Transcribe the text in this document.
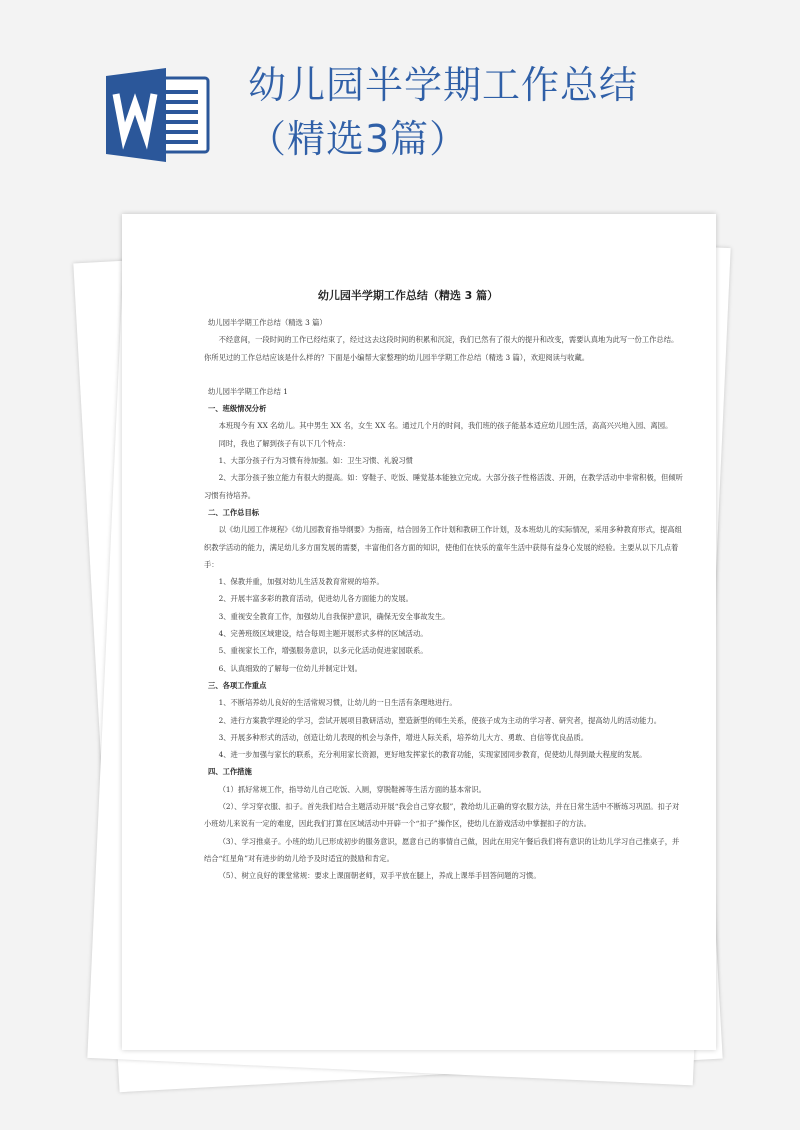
幼儿园半学期工作总结
（精选3篇）
幼儿园半学期工作总结（精选 3 篇）

幼儿园半学期工作总结（精选 3 篇）

不经意间，一段时间的工作已经结束了，经过这去这段时间的积累和沉淀，我们已然有了很大的提升和改变，需要认真地为此写一份工作总结。你所见过的工作总结应该是什么样的？下面是小编帮大家整理的幼儿园半学期工作总结（精选 3 篇），欢迎阅读与收藏。

幼儿园半学期工作总结 1

一、班级情况分析

本班现今有 XX 名幼儿。其中男生 XX 名，女生 XX 名。通过几个月的时间，我们班的孩子能基本适应幼儿园生活，高高兴兴地入园、离园。

同时，我也了解到孩子有以下几个特点：

1、大部分孩子行为习惯有待加强。如：卫生习惯、礼貌习惯

2、大部分孩子独立能力有很大的提高。如：穿鞋子、吃饭、睡觉基本能独立完成。大部分孩子性格活泼、开朗，在教学活动中非常积极，但倾听习惯有待培养。

二、工作总目标

以《幼儿园工作规程》《幼儿园教育指导纲要》为指南，结合园务工作计划和教研工作计划，及本班幼儿的实际情况，采用多种教育形式，提高组织教学活动的能力，满足幼儿多方面发展的需要，丰富他们各方面的知识，使他们在快乐的童年生活中获得有益身心发展的经验。主要从以下几点着手：

1、保教并重，加强对幼儿生活及教育常规的培养。

2、开展丰富多彩的教育活动，促进幼儿各方面能力的发展。

3、重视安全教育工作，加强幼儿自我保护意识，确保无安全事故发生。

4、完善班级区域建设，结合每周主题开展形式多样的区域活动。

5、重视家长工作，增强服务意识，以多元化活动促进家园联系。

6、认真细致的了解每一位幼儿并制定计划。

三、各项工作重点

1、不断培养幼儿良好的生活常规习惯，让幼儿的一日生活有条理地进行。

2、进行方案教学理论的学习，尝试开展项目教研活动，塑造新型的师生关系，使孩子成为主动的学习者、研究者，提高幼儿的活动能力。

3、开展多种形式的活动，创造让幼儿表现的机会与条件，增进人际关系，培养幼儿大方、勇敢、自信等优良品质。

4、进一步加强与家长的联系，充分利用家长资源，更好地发挥家长的教育功能，实现家园同步教育，促使幼儿得到最大程度的发展。

四、工作措施

（1）抓好常规工作，指导幼儿自己吃饭、入厕，穿脱鞋裤等生活方面的基本常识。

（2）、学习穿衣服、扣子。首先我们结合主题活动开展“我会自己穿衣服”，教给幼儿正确的穿衣服方法，并在日常生活中不断练习巩固。扣子对小班幼儿来说有一定的难度，因此我们打算在区域活动中开辟一个“扣子”操作区，使幼儿在游戏活动中掌握扣子的方法。

（3）、学习推桌子。小班的幼儿已形成初步的服务意识，愿意自己的事情自己做，因此在用完午餐后我们将有意识的让幼儿学习自己推桌子，并结合“红星角”对有进步的幼儿给予及时适宜的鼓励和肯定。

（5）、树立良好的课堂常规：要求上课面朝老师，双手平放在腿上，养成上课举手回答问题的习惯。
